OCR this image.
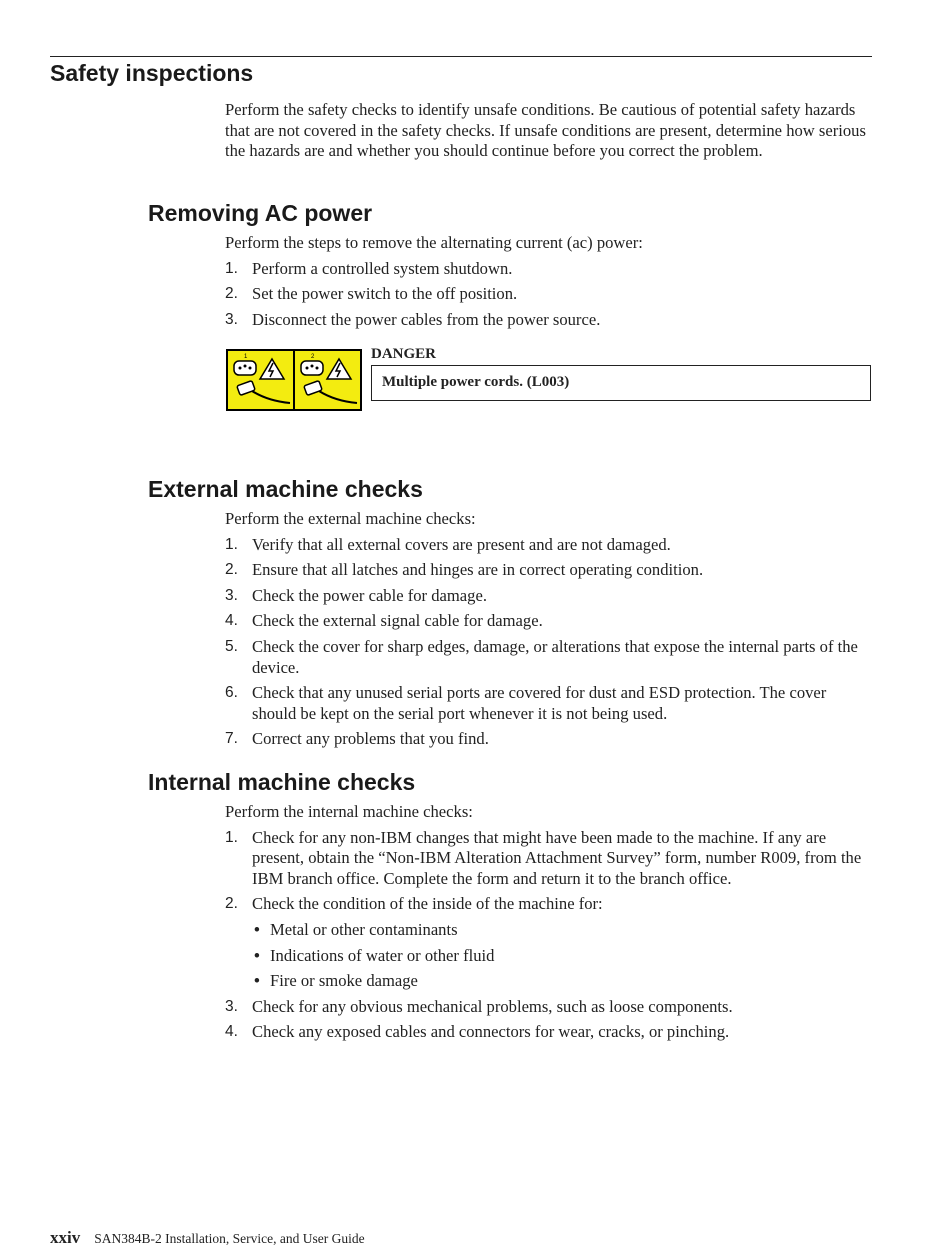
Safety inspections

Perform the safety checks to identify unsafe conditions. Be cautious of potential safety hazards that are not covered in the safety checks. If unsafe conditions are present, determine how serious the hazards are and whether you should continue before you correct the problem.

Removing AC power

Perform the steps to remove the alternating current (ac) power:

1. Perform a controlled system shutdown.
2. Set the power switch to the off position.
3. Disconnect the power cables from the power source.
1	2	DANGER
Multiple power cords. (L003)
External machine checks

Perform the external machine checks:

1. Verify that all external covers are present and are not damaged.
2. Ensure that all latches and hinges are in correct operating condition.
3. Check the power cable for damage.
4. Check the external signal cable for damage.
5. Check the cover for sharp edges, damage, or alterations that expose the internal parts of the device.
6. Check that any unused serial ports are covered for dust and ESD protection. The cover should be kept on the serial port whenever it is not being used.
7. Correct any problems that you find.
Internal machine checks

Perform the internal machine checks:

1. Check for any non-IBM changes that might have been made to the machine. If any are present, obtain the “Non-IBM Alteration Attachment Survey” form, number R009, from the IBM branch office. Complete the form and return it to the branch office.
2. Check the condition of the inside of the machine for:
• Metal or other contaminants
• Indications of water or other fluid
• Fire or smoke damage
3. Check for any obvious mechanical problems, such as loose components.
4. Check any exposed cables and connectors for wear, cracks, or pinching.
xxiv SAN384B-2 Installation, Service, and User Guide
